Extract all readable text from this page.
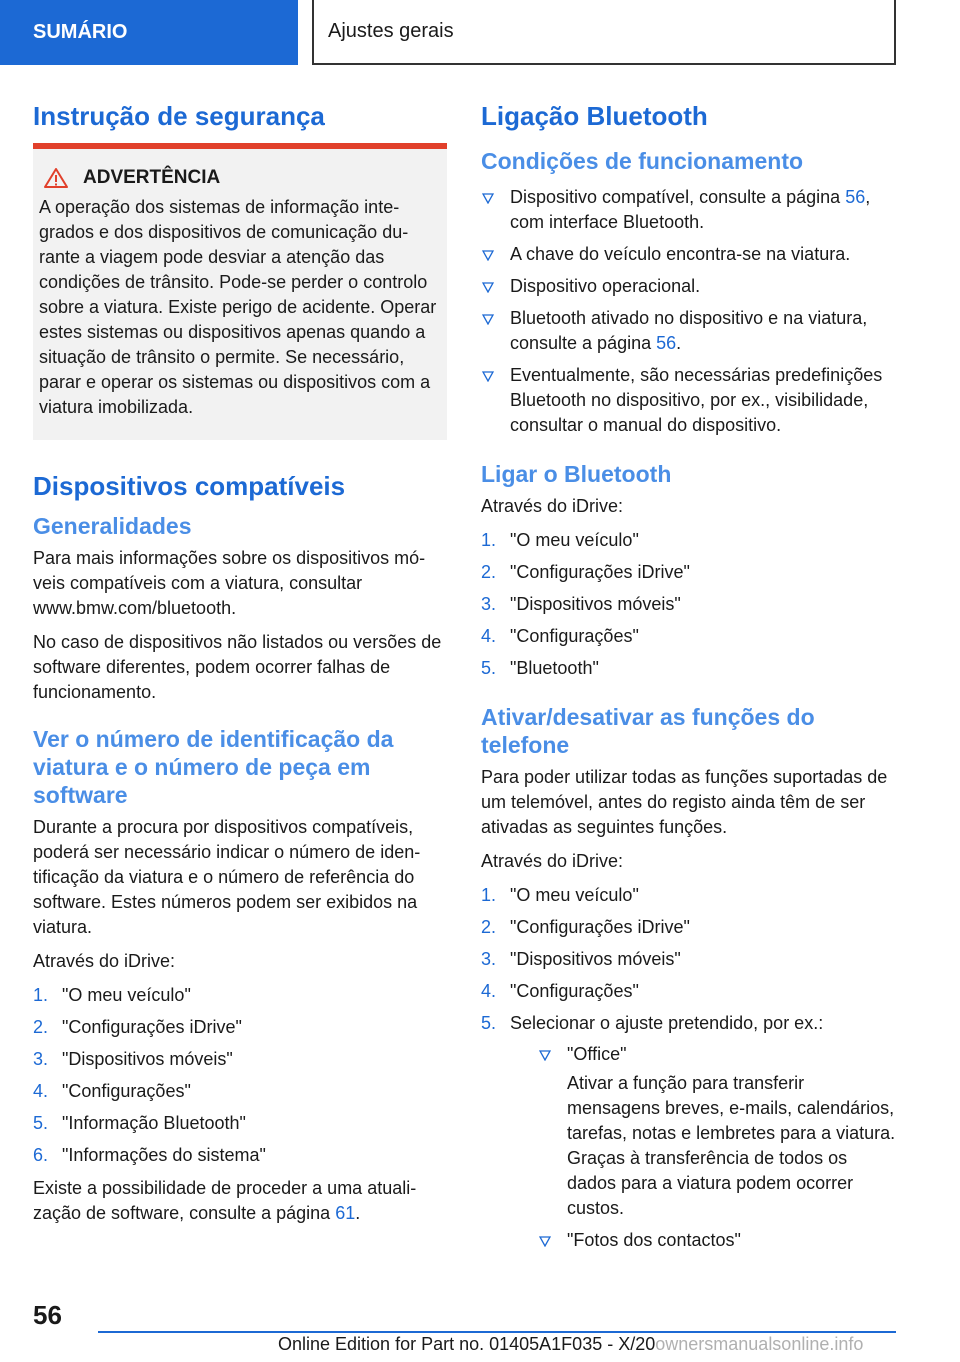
SUMÁRIO	Ajustes gerais
Instrução de segurança
ADVERTÊNCIA

A operação dos sistemas de informação integrados e dos dispositivos de comunicação durante a viagem pode desviar a atenção das condições de trânsito. Pode-se perder o controlo sobre a viatura. Existe perigo de acidente. Operar estes sistemas ou dispositivos apenas quando a situação de trânsito o permite. Se necessário, parar e operar os sistemas ou dispositivos com a viatura imobilizada.

Dispositivos compatíveis
Generalidades

Para mais informações sobre os dispositivos móveis compatíveis com a viatura, consultar www.bmw.com/bluetooth.

No caso de dispositivos não listados ou versões de software diferentes, podem ocorrer falhas de funcionamento.

Ver o número de identificação da viatura e o número de peça em software

Durante a procura por dispositivos compatíveis, poderá ser necessário indicar o número de identificação da viatura e o número de referência do software. Estes números podem ser exibidos na viatura.

Através do iDrive:

1. "O meu veículo"
2. "Configurações iDrive"
3. "Dispositivos móveis"
4. "Configurações"
5. "Informação Bluetooth"
6. "Informações do sistema"

Existe a possibilidade de proceder a uma atualização de software, consulte a página 61.

Ligação Bluetooth
Condições de funcionamento
Dispositivo compatível, consulte a página 56, com interface Bluetooth.
A chave do veículo encontra-se na viatura.
Dispositivo operacional.
Bluetooth ativado no dispositivo e na viatura, consulte a página 56.
Eventualmente, são necessárias predefinições Bluetooth no dispositivo, por ex., visibilidade, consultar o manual do dispositivo.
Ligar o Bluetooth

Através do iDrive:

1. "O meu veículo"
2. "Configurações iDrive"
3. "Dispositivos móveis"
4. "Configurações"
5. "Bluetooth"
Ativar/desativar as funções do telefone

Para poder utilizar todas as funções suportadas de um telemóvel, antes do registo ainda têm de ser ativadas as seguintes funções.

Através do iDrive:

1. "O meu veículo"
2. "Configurações iDrive"
3. "Dispositivos móveis"
4. "Configurações"
5. Selecionar o ajuste pretendido, por ex.:
"Office"

Ativar a função para transferir mensagens breves, e-mails, calendários, tarefas, notas e lembretes para a viatura. Graças à transferência de todos os dados para a viatura podem ocorrer custos.

"Fotos dos contactos"
56
Online Edition for Part no. 01405A1F035 - X/20ownersmanualsonline.info
